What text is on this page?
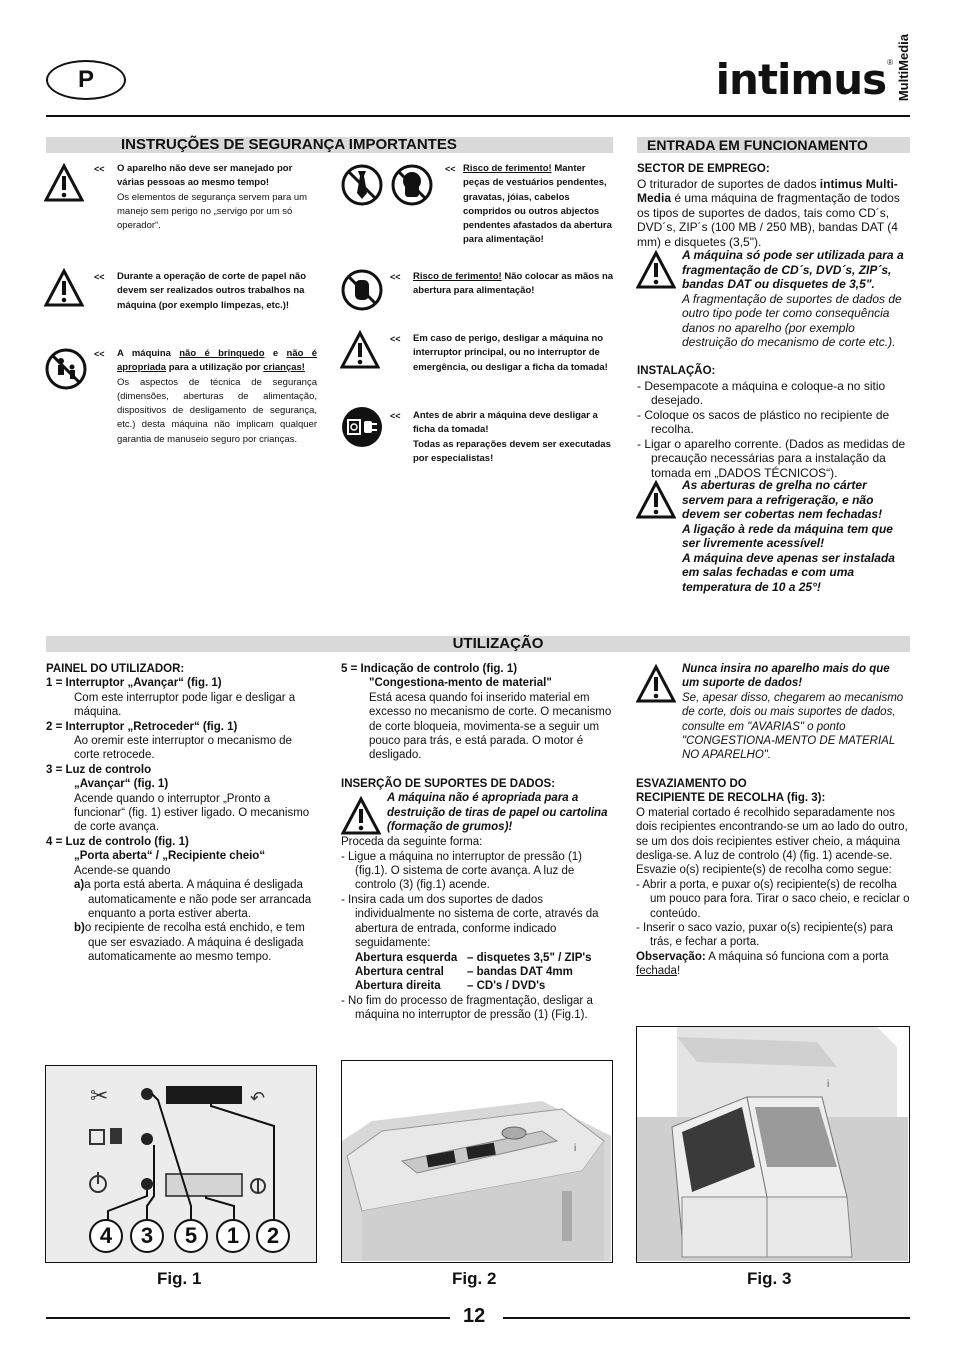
P	intimus ® MultiMedia
INSTRUÇÕES DE SEGURANÇA IMPORTANTES
<< O aparelho não deve ser manejado por várias pessoas ao mesmo tempo!
Os elementos de segurança servem para um manejo sem perigo no „servigo por um só operador“.
<< Durante a operação de corte de papel não devem ser realizados outros trabalhos na máquina (por exemplo limpezas, etc.)!
<< A máquina não é brinquedo e não é apropriada para a utilização por crianças!
Os aspectos de técnica de segurança (dimensões, aberturas de alimentação, dispositivos de desligamento de segurança, etc.) desta máquina não implicam qualquer garantia de manuseio seguro por crianças.
<< Risco de ferimento! Manter peças de vestuários pendentes, gravatas, jóias, cabelos compridos ou outros abjectos pendentes afastados da abertura para alimentação!
<< Risco de ferimento! Não colocar as mãos na abertura para alimentação!
<< Em caso de perigo, desligar a máquina no interruptor principal, ou no interruptor de emergência, ou desligar a ficha da tomada!
<< Antes de abrir a máquina deve desligar a ficha da tomada!
Todas as reparações devem ser executadas por especialistas!
ENTRADA EM FUNCIONAMENTO

SECTOR DE EMPREGO:

O triturador de suportes de dados intimus Multi-Media é uma máquina de fragmentação de todos os tipos de suportes de dados, tais como CD´s, DVD´s, ZIP´s (100 MB / 250 MB), bandas DAT (4 mm) e disquetes (3,5").

A máquina só pode ser utilizada para a fragmentação de CD´s, DVD´s, ZIP´s, bandas DAT ou disquetes de 3,5".

A fragmentação de suportes de dados de outro tipo pode ter como consequência danos no aparelho (por exemplo destruição do mecanismo de corte etc.).

INSTALAÇÃO:

- Desempacote a máquina e coloque-a no sitio desejado.

- Coloque os sacos de plástico no recipiente de recolha.

- Ligar o aparelho corrente. (Dados as medidas de precaução necessárias para a instalação da tomada em „DADOS TÉCNICOS“).

As aberturas de grelha no cárter servem para a refrigeração, e não devem ser cobertas nem fechadas!

A ligação à rede da máquina tem que ser livremente acessível!

A máquina deve apenas ser instalada em salas fechadas e com uma temperatura de 10 a 25°!

UTILIZAÇÃO

PAINEL DO UTILIZADOR:

1 = Interruptor „Avançar“ (fig. 1)

Com este interruptor pode ligar e desligar a máquina.

2 = Interruptor „Retroceder“ (fig. 1)

Ao oremir este interruptor o mecanismo de corte retrocede.

3 = Luz de controlo

„Avançar“ (fig. 1)

Acende quando o interruptor „Pronto a funcionar“ (fig. 1) estiver ligado. O mecanismo de corte avança.

4 = Luz de controlo (fig. 1)

„Porta aberta“ / „Recipiente cheio“

Acende-se quando

a)a porta está aberta. A máquina é desligada automaticamente e não pode ser arrancada enquanto a porta estiver aberta.

b)o recipiente de recolha está enchido, e tem que ser esvaziado. A máquina é desligada automaticamente ao mesmo tempo.

5 = Indicação de controlo (fig. 1)

"Congestiona-mento de material"

Está acesa quando foi inserido material em excesso no mecanismo de corte. O mecanismo de corte bloqueia, movimenta-se a seguir um pouco para trás, e está parada. O motor é desligado.

INSERÇÃO DE SUPORTES DE DADOS:

A máquina não é apropriada para a destruição de tiras de papel ou cartolina (formação de grumos)!

Proceda da seguinte forma:

- Ligue a máquina no interruptor de pressão (1) (fig.1). O sistema de corte avança. A luz de controlo (3) (fig.1) acende.

- Insira cada um dos suportes de dados individualmente no sistema de corte, através da abertura de entrada, conforme indicado seguidamente:

Abertura esquerda – disquetes 3,5" / ZIP's

Abertura central – bandas DAT 4mm

Abertura direita – CD's / DVD's

- No fim do processo de fragmentação, desligar a máquina no interruptor de pressão (1) (Fig.1).

Nunca insira no aparelho mais do que um suporte de dados!

Se, apesar disso, chegarem ao mecanismo de corte, dois ou mais suportes de dados, consulte em "AVARIAS" o ponto "CONGESTIONA-MENTO DE MATERIAL NO APARELHO".

ESVAZIAMENTO DO

RECIPIENTE DE RECOLHA (fig. 3):

O material cortado é recolhido separadamente nos dois recipientes encontrando-se um ao lado do outro, se um dos dois recipientes estiver cheio, a máquina desliga-se. A luz de controlo (4) (fig. 1) acende-se. Esvazie o(s) recipiente(s) de recolha como segue:

- Abrir a porta, e puxar o(s) recipiente(s) de recolha um pouco para fora. Tirar o saco cheio, e reciclar o conteúdo.

- Inserir o saco vazio, puxar o(s) recipiente(s) para trás, e fechar a porta.

Observação: A máquina só funciona com a porta fechada!

✂	↶
4	3	5	1	2
i
i
Fig. 1	Fig. 2	Fig. 3
12
